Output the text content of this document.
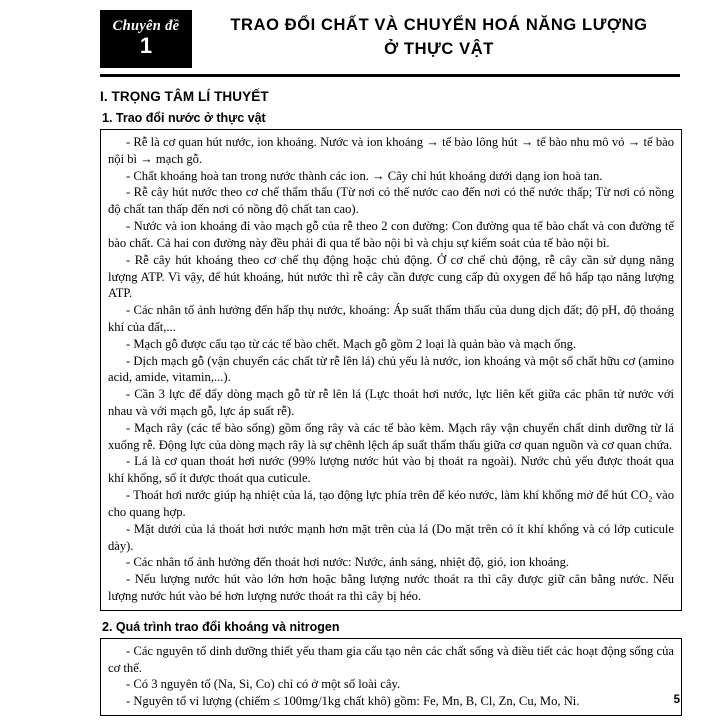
Chuyên đề
1
TRAO ĐỔI CHẤT VÀ CHUYỂN HOÁ NĂNG LƯỢNG
Ở THỰC VẬT
I. TRỌNG TÂM LÍ THUYẾT
1. Trao đổi nước ở thực vật

- Rễ là cơ quan hút nước, ion khoáng. Nước và ion khoáng → tế bào lông hút → tế bào nhu mô vỏ → tế bào nội bì → mạch gỗ.

- Chất khoáng hoà tan trong nước thành các ion. → Cây chỉ hút khoáng dưới dạng ion hoà tan.

- Rễ cây hút nước theo cơ chế thẩm thấu (Từ nơi có thế nước cao đến nơi có thế nước thấp; Từ nơi có nồng độ chất tan thấp đến nơi có nồng độ chất tan cao).

- Nước và ion khoáng đi vào mạch gỗ của rễ theo 2 con đường: Con đường qua tế bào chất và con đường tế bào chất. Cả hai con đường này đều phải đi qua tế bào nội bì và chịu sự kiểm soát của tế bào nội bì.

- Rễ cây hút khoáng theo cơ chế thụ động hoặc chủ động. Ở cơ chế chủ động, rễ cây cần sử dụng năng lượng ATP. Vì vậy, để hút khoáng, hút nước thì rễ cây cần được cung cấp đủ oxygen để hô hấp tạo năng lượng ATP.

- Các nhân tố ảnh hưởng đến hấp thụ nước, khoáng: Áp suất thẩm thấu của dung dịch đất; độ pH, độ thoáng khí của đất,...

- Mạch gỗ được cấu tạo từ các tế bào chết. Mạch gỗ gồm 2 loại là quản bào và mạch ống.

- Dịch mạch gỗ (vận chuyển các chất từ rễ lên lá) chủ yếu là nước, ion khoáng và một số chất hữu cơ (amino acid, amide, vitamin,...).

- Cần 3 lực để đẩy dòng mạch gỗ từ rễ lên lá (Lực thoát hơi nước, lực liên kết giữa các phân tử nước với nhau và với mạch gỗ, lực áp suất rễ).

- Mạch rây (các tế bào sống) gồm ống rây và các tế bào kèm. Mạch rây vận chuyển chất dinh dưỡng từ lá xuống rễ. Động lực của dòng mạch rây là sự chênh lệch áp suất thẩm thấu giữa cơ quan nguồn và cơ quan chứa.

- Lá là cơ quan thoát hơi nước (99% lượng nước hút vào bị thoát ra ngoài). Nước chủ yếu được thoát qua khí khổng, số ít được thoát qua cuticule.

- Thoát hơi nước giúp hạ nhiệt của lá, tạo động lực phía trên để kéo nước, làm khí khổng mở để hút CO₂ vào cho quang hợp.

- Mặt dưới của lá thoát hơi nước mạnh hơn mặt trên của lá (Do mặt trên có ít khí khổng và có lớp cuticule dày).

- Các nhân tố ảnh hưởng đến thoát hơi nước: Nước, ánh sáng, nhiệt độ, gió, ion khoáng.

- Nếu lượng nước hút vào lớn hơn hoặc bằng lượng nước thoát ra thì cây được giữ cân bằng nước. Nếu lượng nước hút vào bé hơn lượng nước thoát ra thì cây bị héo.

2. Quá trình trao đổi khoáng và nitrogen

- Các nguyên tố dinh dưỡng thiết yếu tham gia cấu tạo nên các chất sống và điều tiết các hoạt động sống của cơ thể.

- Có 3 nguyên tố (Na, Si, Co) chỉ có ở một số loài cây.

- Nguyên tố vi lượng (chiếm ≤ 100mg/1kg chất khô) gồm: Fe, Mn, B, Cl, Zn, Cu, Mo, Ni.	5
